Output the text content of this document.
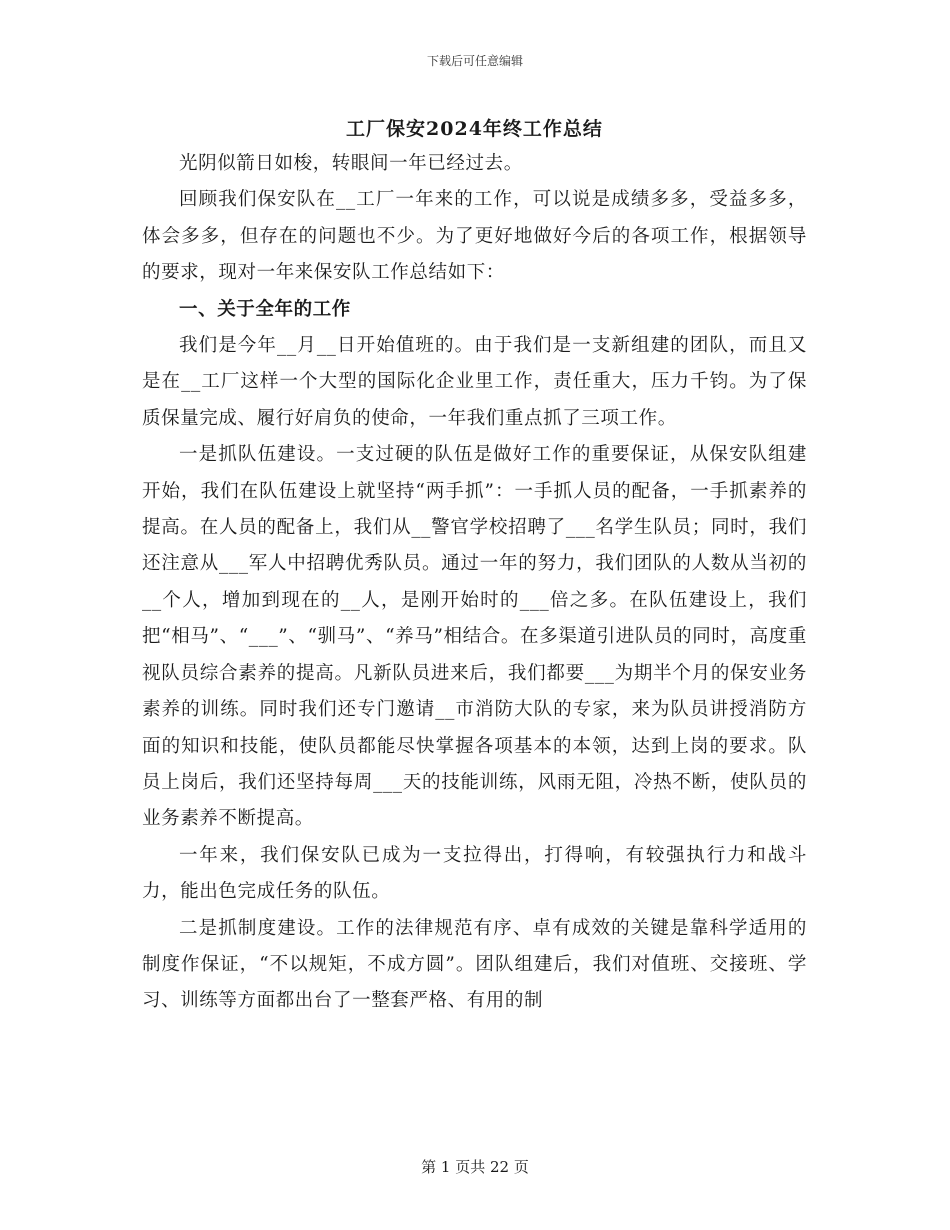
下载后可任意编辑
工厂保安2024年终工作总结

光阴似箭日如梭，转眼间一年已经过去。

回顾我们保安队在__工厂一年来的工作，可以说是成绩多多，受益多多，体会多多，但存在的问题也不少。为了更好地做好今后的各项工作，根据领导的要求，现对一年来保安队工作总结如下：

一、关于全年的工作

我们是今年__月__日开始值班的。由于我们是一支新组建的团队，而且又是在__工厂这样一个大型的国际化企业里工作，责任重大，压力千钧。为了保质保量完成、履行好肩负的使命，一年我们重点抓了三项工作。

一是抓队伍建设。一支过硬的队伍是做好工作的重要保证，从保安队组建开始，我们在队伍建设上就坚持“两手抓”：一手抓人员的配备，一手抓素养的提高。在人员的配备上，我们从__警官学校招聘了___名学生队员；同时，我们还注意从___军人中招聘优秀队员。通过一年的努力，我们团队的人数从当初的__个人，增加到现在的__人，是刚开始时的___倍之多。在队伍建设上，我们把“相马”、“___”、“驯马”、“养马”相结合。在多渠道引进队员的同时，高度重视队员综合素养的提高。凡新队员进来后，我们都要___为期半个月的保安业务素养的训练。同时我们还专门邀请__市消防大队的专家，来为队员讲授消防方面的知识和技能，使队员都能尽快掌握各项基本的本领，达到上岗的要求。队员上岗后，我们还坚持每周___天的技能训练，风雨无阻，冷热不断，使队员的业务素养不断提高。

一年来，我们保安队已成为一支拉得出，打得响，有较强执行力和战斗力，能出色完成任务的队伍。

二是抓制度建设。工作的法律规范有序、卓有成效的关键是靠科学适用的制度作保证，“不以规矩，不成方圆”。团队组建后，我们对值班、交接班、学习、训练等方面都出台了一整套严格、有用的制

第 1 页共 22 页
